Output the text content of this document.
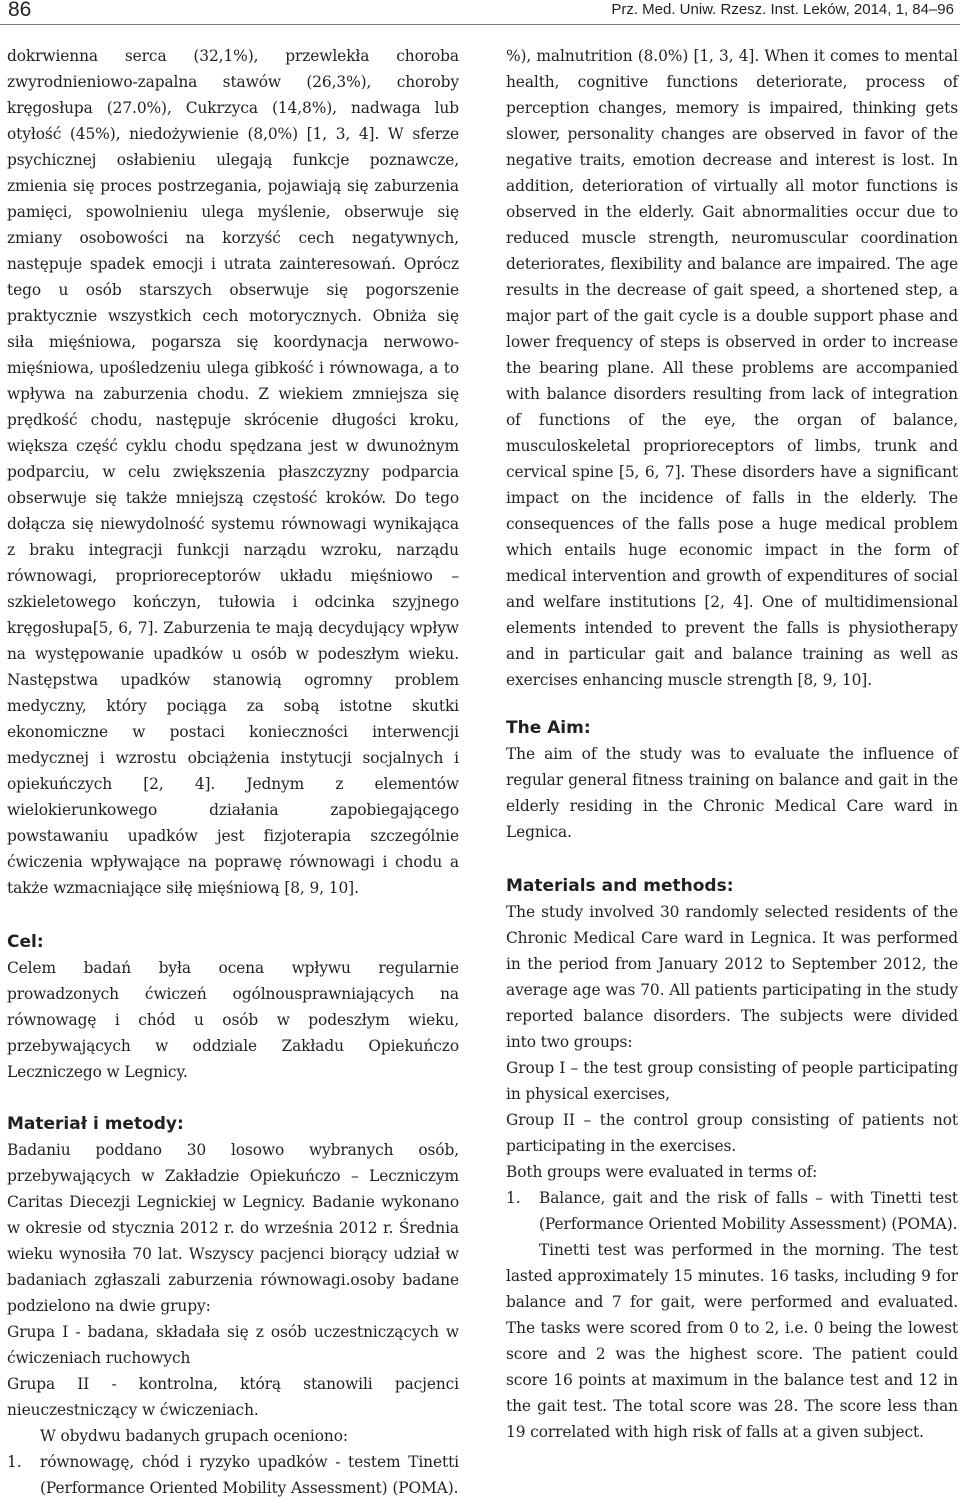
86	Prz. Med. Uniw. Rzesz. Inst. Leków, 2014, 1, 84–96

dokrwienna serca (32,1%), przewlekła choroba zwyrodnieniowo-zapalna stawów (26,3%), choroby kręgosłupa (27.0%), Cukrzyca (14,8%), nadwaga lub otyłość (45%), niedożywienie (8,0%) [1, 3, 4]. W sferze psychicznej osłabieniu ulegają funkcje poznawcze, zmienia się proces postrzegania, pojawiają się zaburzenia pamięci, spowolnieniu ulega myślenie, obserwuje się zmiany osobowości na korzyść cech negatywnych, następuje spadek emocji i utrata zainteresowań. Oprócz tego u osób starszych obserwuje się pogorszenie praktycznie wszystkich cech motorycznych. Obniża się siła mięśniowa, pogarsza się koordynacja nerwowo-mięśniowa, upośledzeniu ulega gibkość i równowaga, a to wpływa na zaburzenia chodu. Z wiekiem zmniejsza się prędkość chodu, następuje skrócenie długości kroku, większa część cyklu chodu spędzana jest w dwunożnym podparciu, w celu zwiększenia płaszczyzny podparcia obserwuje się także mniejszą częstość kroków. Do tego dołącza się niewydolność systemu równowagi wynikająca z braku integracji funkcji narządu wzroku, narządu równowagi, proprioreceptorów układu mięśniowo – szkieletowego kończyn, tułowia i odcinka szyjnego kręgosłupa[5, 6, 7]. Zaburzenia te mają decydujący wpływ na występowanie upadków u osób w podeszłym wieku. Następstwa upadków stanowią ogromny problem medyczny, który pociąga za sobą istotne skutki ekonomiczne w postaci konieczności interwencji medycznej i wzrostu obciążenia instytucji socjalnych i opiekuńczych [2, 4]. Jednym z elementów wielokierunkowego działania zapobiegającego powstawaniu upadków jest fizjoterapia szczególnie ćwiczenia wpływające na poprawę równowagi i chodu a także wzmacniające siłę mięśniową [8, 9, 10].

Cel:

Celem badań była ocena wpływu regularnie prowadzonych ćwiczeń ogólnousprawniających na równowagę i chód u osób w podeszłym wieku, przebywających w oddziale Zakładu Opiekuńczo Leczniczego w Legnicy.

Materiał i metody:

Badaniu poddano 30 losowo wybranych osób, przebywających w Zakładzie Opiekuńczo – Leczniczym Caritas Diecezji Legnickiej w Legnicy. Badanie wykonano w okresie od stycznia 2012 r. do września 2012 r. Średnia wieku wynosiła 70 lat. Wszyscy pacjenci biorący udział w badaniach zgłaszali zaburzenia równowagi.osoby badane podzielono na dwie grupy:

Grupa I - badana, składała się z osób uczestniczących w ćwiczeniach ruchowych

Grupa II - kontrolna, którą stanowili pacjenci nieuczestniczący w ćwiczeniach.

W obydwu badanych grupach oceniono:

1.	równowagę, chód i ryzyko upadków - testem Tinetti (Performance Oriented Mobility Assessment) (POMA).

%), malnutrition (8.0%) [1, 3, 4]. When it comes to mental health, cognitive functions deteriorate, process of perception changes, memory is impaired, thinking gets slower, personality changes are observed in favor of the negative traits, emotion decrease and interest is lost. In addition, deterioration of virtually all motor functions is observed in the elderly. Gait abnormalities occur due to reduced muscle strength, neuromuscular coordination deteriorates, flexibility and balance are impaired. The age results in the decrease of gait speed, a shortened step, a major part of the gait cycle is a double support phase and lower frequency of steps is observed in order to increase the bearing plane. All these problems are accompanied with balance disorders resulting from lack of integration of functions of the eye, the organ of balance, musculoskeletal proprioreceptors of limbs, trunk and cervical spine [5, 6, 7]. These disorders have a significant impact on the incidence of falls in the elderly. The consequences of the falls pose a huge medical problem which entails huge economic impact in the form of medical intervention and growth of expenditures of social and welfare institutions [2, 4]. One of multidimensional elements intended to prevent the falls is physiotherapy and in particular gait and balance training as well as exercises enhancing muscle strength [8, 9, 10].

The Aim:

The aim of the study was to evaluate the influence of regular general fitness training on balance and gait in the elderly residing in the Chronic Medical Care ward in Legnica.

Materials and methods:

The study involved 30 randomly selected residents of the Chronic Medical Care ward in Legnica. It was performed in the period from January 2012 to September 2012, the average age was 70. All patients participating in the study reported balance disorders. The subjects were divided into two groups:

Group I – the test group consisting of people participating in physical exercises,

Group II – the control group consisting of patients not participating in the exercises.

Both groups were evaluated in terms of:

1.	Balance, gait and the risk of falls – with Tinetti test (Performance Oriented Mobility Assessment) (POMA).

Tinetti test was performed in the morning. The test lasted approximately 15 minutes. 16 tasks, including 9 for balance and 7 for gait, were performed and evaluated. The tasks were scored from 0 to 2, i.e. 0 being the lowest score and 2 was the highest score. The patient could score 16 points at maximum in the balance test and 12 in the gait test. The total score was 28. The score less than 19 correlated with high risk of falls at a given subject.
